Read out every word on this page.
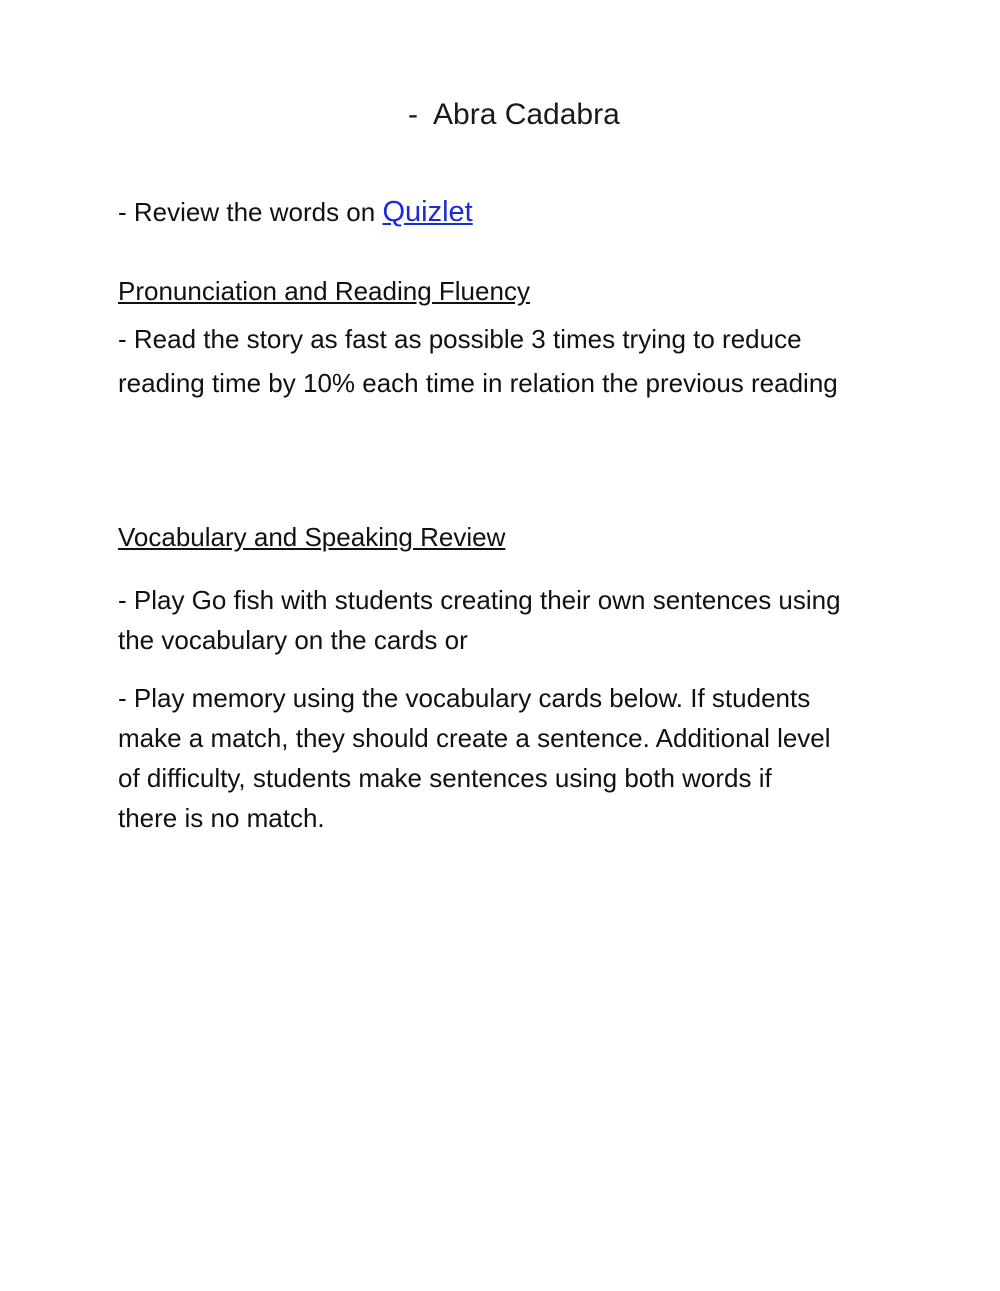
-  Abra Cadabra
- Review the words on Quizlet
Pronunciation and Reading Fluency
- Read the story as fast as possible 3 times trying to reduce reading time by 10% each time in relation the previous reading
Vocabulary and Speaking Review
- Play Go fish with students creating their own sentences using the vocabulary on the cards or
- Play memory using the vocabulary cards below. If students make a match, they should create a sentence. Additional level of difficulty, students make sentences using both words if there is no match.
